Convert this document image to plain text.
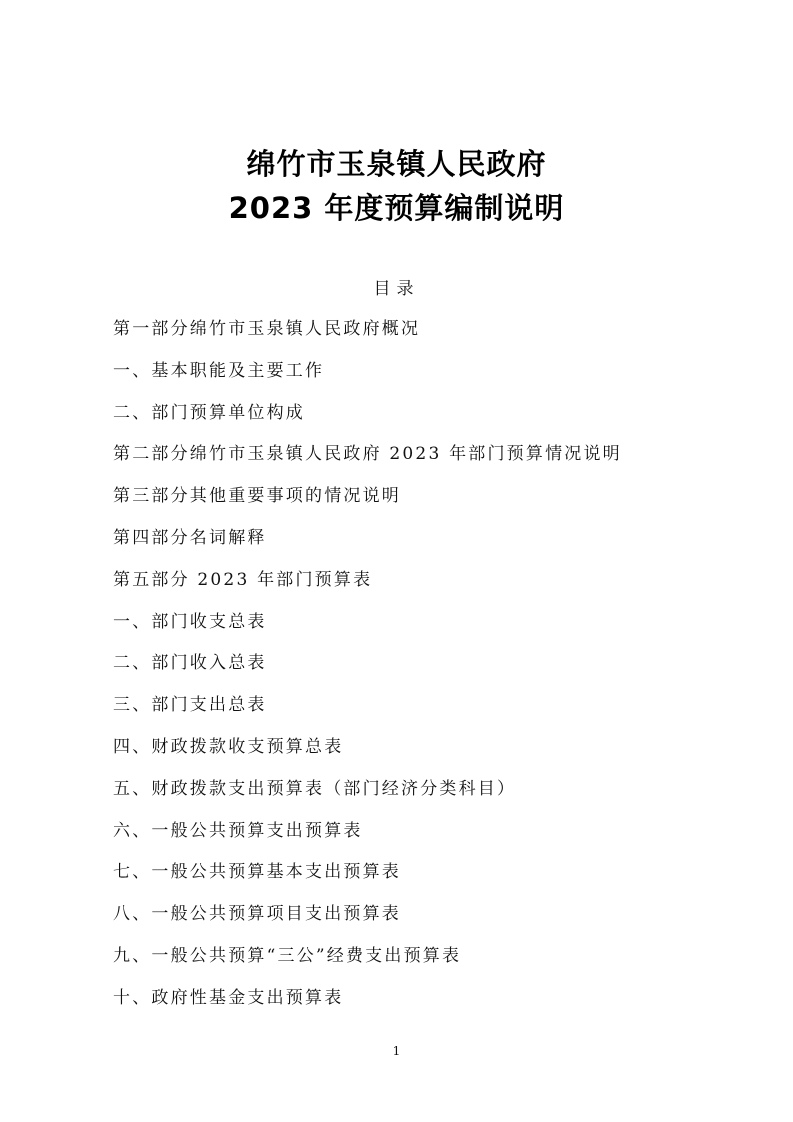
绵竹市玉泉镇人民政府
2023 年度预算编制说明
目录
第一部分绵竹市玉泉镇人民政府概况
一、基本职能及主要工作
二、部门预算单位构成
第二部分绵竹市玉泉镇人民政府 2023 年部门预算情况说明
第三部分其他重要事项的情况说明
第四部分名词解释
第五部分 2023 年部门预算表
一、部门收支总表
二、部门收入总表
三、部门支出总表
四、财政拨款收支预算总表
五、财政拨款支出预算表（部门经济分类科目）
六、一般公共预算支出预算表
七、一般公共预算基本支出预算表
八、一般公共预算项目支出预算表
九、一般公共预算“三公”经费支出预算表
十、政府性基金支出预算表
1
